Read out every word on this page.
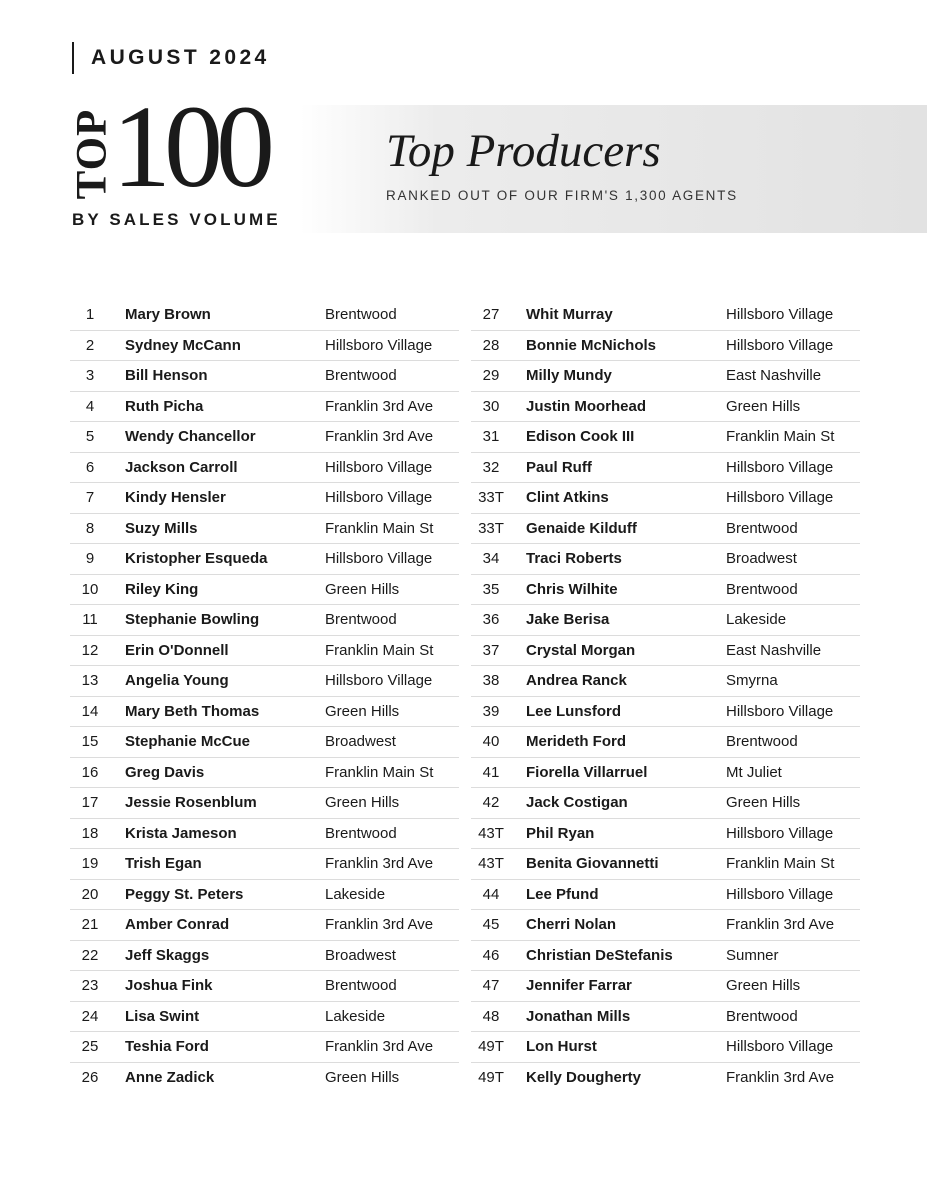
AUGUST 2024
TOP
100
BY SALES VOLUME
Top Producers
RANKED OUT OF OUR FIRM'S 1,300 AGENTS
1	Mary Brown	Brentwood
2	Sydney McCann	Hillsboro Village
3	Bill Henson	Brentwood
4	Ruth Picha	Franklin 3rd Ave
5	Wendy Chancellor	Franklin 3rd Ave
6	Jackson Carroll	Hillsboro Village
7	Kindy Hensler	Hillsboro Village
8	Suzy Mills	Franklin Main St
9	Kristopher Esqueda	Hillsboro Village
10	Riley King	Green Hills
11	Stephanie Bowling	Brentwood
12	Erin O'Donnell	Franklin Main St
13	Angelia Young	Hillsboro Village
14	Mary Beth Thomas	Green Hills
15	Stephanie McCue	Broadwest
16	Greg Davis	Franklin Main St
17	Jessie Rosenblum	Green Hills
18	Krista Jameson	Brentwood
19	Trish Egan	Franklin 3rd Ave
20	Peggy St. Peters	Lakeside
21	Amber Conrad	Franklin 3rd Ave
22	Jeff Skaggs	Broadwest
23	Joshua Fink	Brentwood
24	Lisa Swint	Lakeside
25	Teshia Ford	Franklin 3rd Ave
26	Anne Zadick	Green Hills
27	Whit Murray	Hillsboro Village
28	Bonnie McNichols	Hillsboro Village
29	Milly Mundy	East Nashville
30	Justin Moorhead	Green Hills
31	Edison Cook III	Franklin Main St
32	Paul Ruff	Hillsboro Village
33T	Clint Atkins	Hillsboro Village
33T	Genaide Kilduff	Brentwood
34	Traci Roberts	Broadwest
35	Chris Wilhite	Brentwood
36	Jake Berisa	Lakeside
37	Crystal Morgan	East Nashville
38	Andrea Ranck	Smyrna
39	Lee Lunsford	Hillsboro Village
40	Merideth Ford	Brentwood
41	Fiorella Villarruel	Mt Juliet
42	Jack Costigan	Green Hills
43T	Phil Ryan	Hillsboro Village
43T	Benita Giovannetti	Franklin Main St
44	Lee Pfund	Hillsboro Village
45	Cherri Nolan	Franklin 3rd Ave
46	Christian DeStefanis	Sumner
47	Jennifer Farrar	Green Hills
48	Jonathan Mills	Brentwood
49T	Lon Hurst	Hillsboro Village
49T	Kelly Dougherty	Franklin 3rd Ave
